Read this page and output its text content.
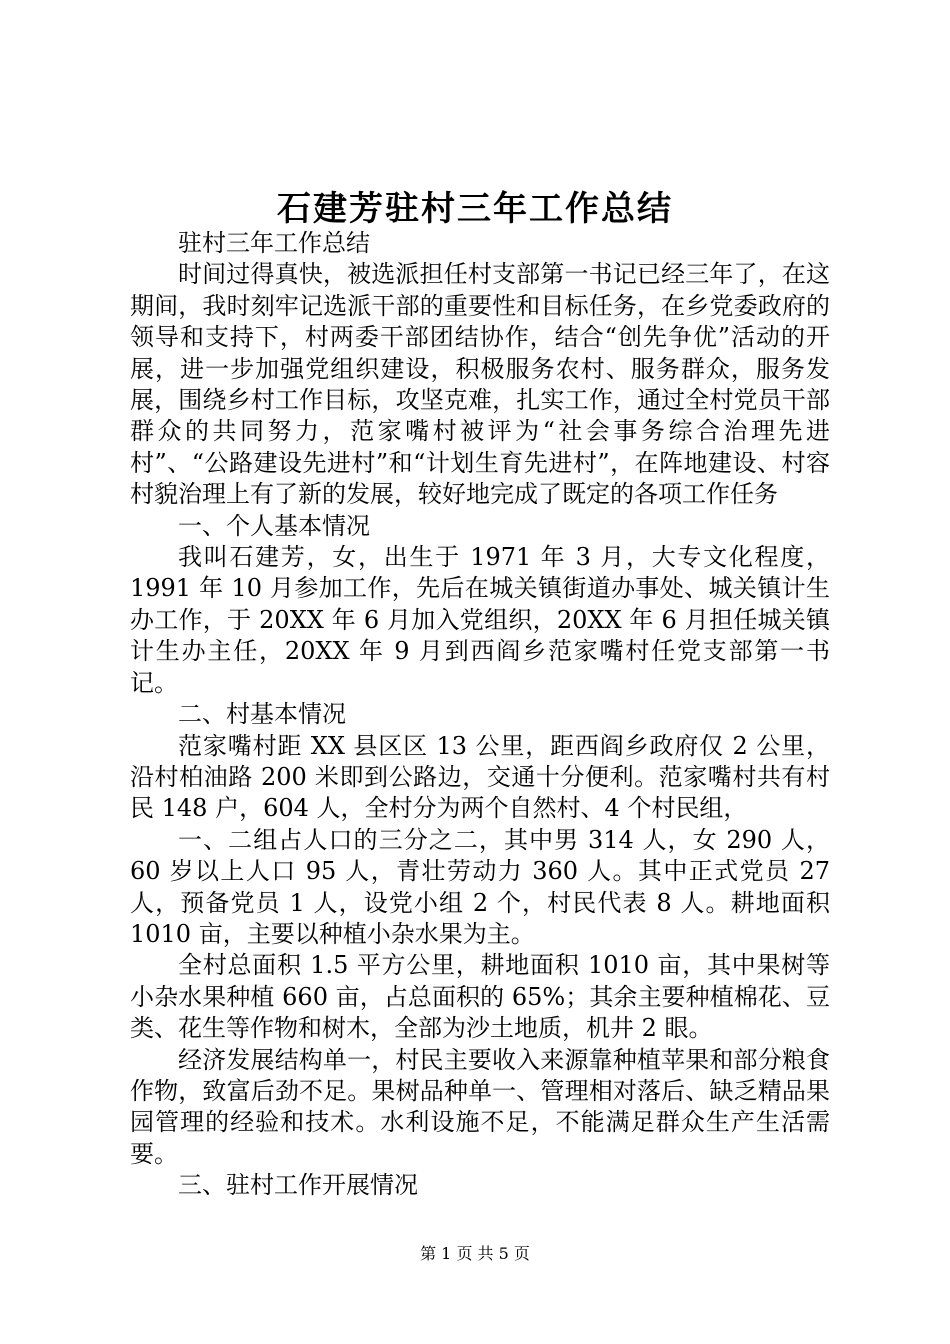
石建芳驻村三年工作总结

驻村三年工作总结

时间过得真快，被选派担任村支部第一书记已经三年了，在这期间，我时刻牢记选派干部的重要性和目标任务，在乡党委政府的领导和支持下，村两委干部团结协作，结合“创先争优”活动的开展，进一步加强党组织建设，积极服务农村、服务群众，服务发展，围绕乡村工作目标，攻坚克难，扎实工作，通过全村党员干部群众的共同努力，范家嘴村被评为“社会事务综合治理先进村”、“公路建设先进村”和“计划生育先进村”，在阵地建设、村容村貌治理上有了新的发展，较好地完成了既定的各项工作任务

一、个人基本情况

我叫石建芳，女，出生于 1971 年 3 月，大专文化程度，1991 年 10 月参加工作，先后在城关镇街道办事处、城关镇计生办工作，于 20XX 年 6 月加入党组织，20XX 年 6 月担任城关镇计生办主任，20XX 年 9 月到西阎乡范家嘴村任党支部第一书记。

二、村基本情况

范家嘴村距 XX 县区区 13 公里，距西阎乡政府仅 2 公里，沿村柏油路 200 米即到公路边，交通十分便利。范家嘴村共有村民 148 户，604 人，全村分为两个自然村、4 个村民组，

一、二组占人口的三分之二，其中男 314 人，女 290 人，60 岁以上人口 95 人，青壮劳动力 360 人。其中正式党员 27 人，预备党员 1 人，设党小组 2 个，村民代表 8 人。耕地面积 1010 亩，主要以种植小杂水果为主。

全村总面积 1.5 平方公里，耕地面积 1010 亩，其中果树等小杂水果种植 660 亩，占总面积的 65%；其余主要种植棉花、豆类、花生等作物和树木，全部为沙土地质，机井 2 眼。

经济发展结构单一，村民主要收入来源靠种植苹果和部分粮食作物，致富后劲不足。果树品种单一、管理相对落后、缺乏精品果园管理的经验和技术。水利设施不足，不能满足群众生产生活需要。

三、驻村工作开展情况

第 1 页 共 5 页
